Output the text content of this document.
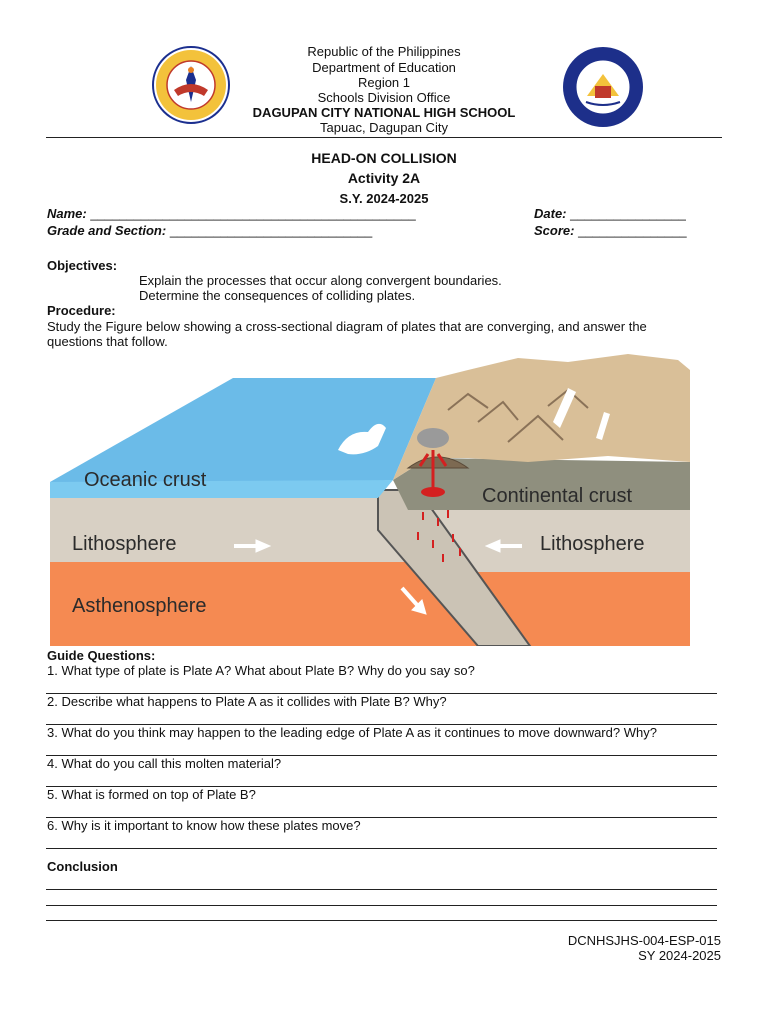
Republic of the Philippines
Department of Education
Region 1
Schools Division Office
DAGUPAN CITY NATIONAL HIGH SCHOOL
Tapuac, Dagupan City
HEAD-ON COLLISION
Activity 2A
S.Y. 2024-2025
Name: _____________________________________________	Date: ________________
Grade and Section: ____________________________	Score: _______________
Objectives:
Explain the processes that occur along convergent boundaries.
Determine the consequences of colliding plates.
Procedure:
Study the Figure below showing a cross-sectional diagram of plates that are converging, and answer the
questions that follow.
Oceanic crust
Continental crust
Lithosphere	Lithosphere
Asthenosphere
Guide Questions:
1. What type of plate is Plate A? What about Plate B? Why do you say so?
2. Describe what happens to Plate A as it collides with Plate B? Why?
3. What do you think may happen to the leading edge of Plate A as it continues to move downward? Why?
4. What do you call this molten material?
5. What is formed on top of Plate B?
6. Why is it important to know how these plates move?
Conclusion
DCNHSJHS-004-ESP-015
SY 2024-2025
